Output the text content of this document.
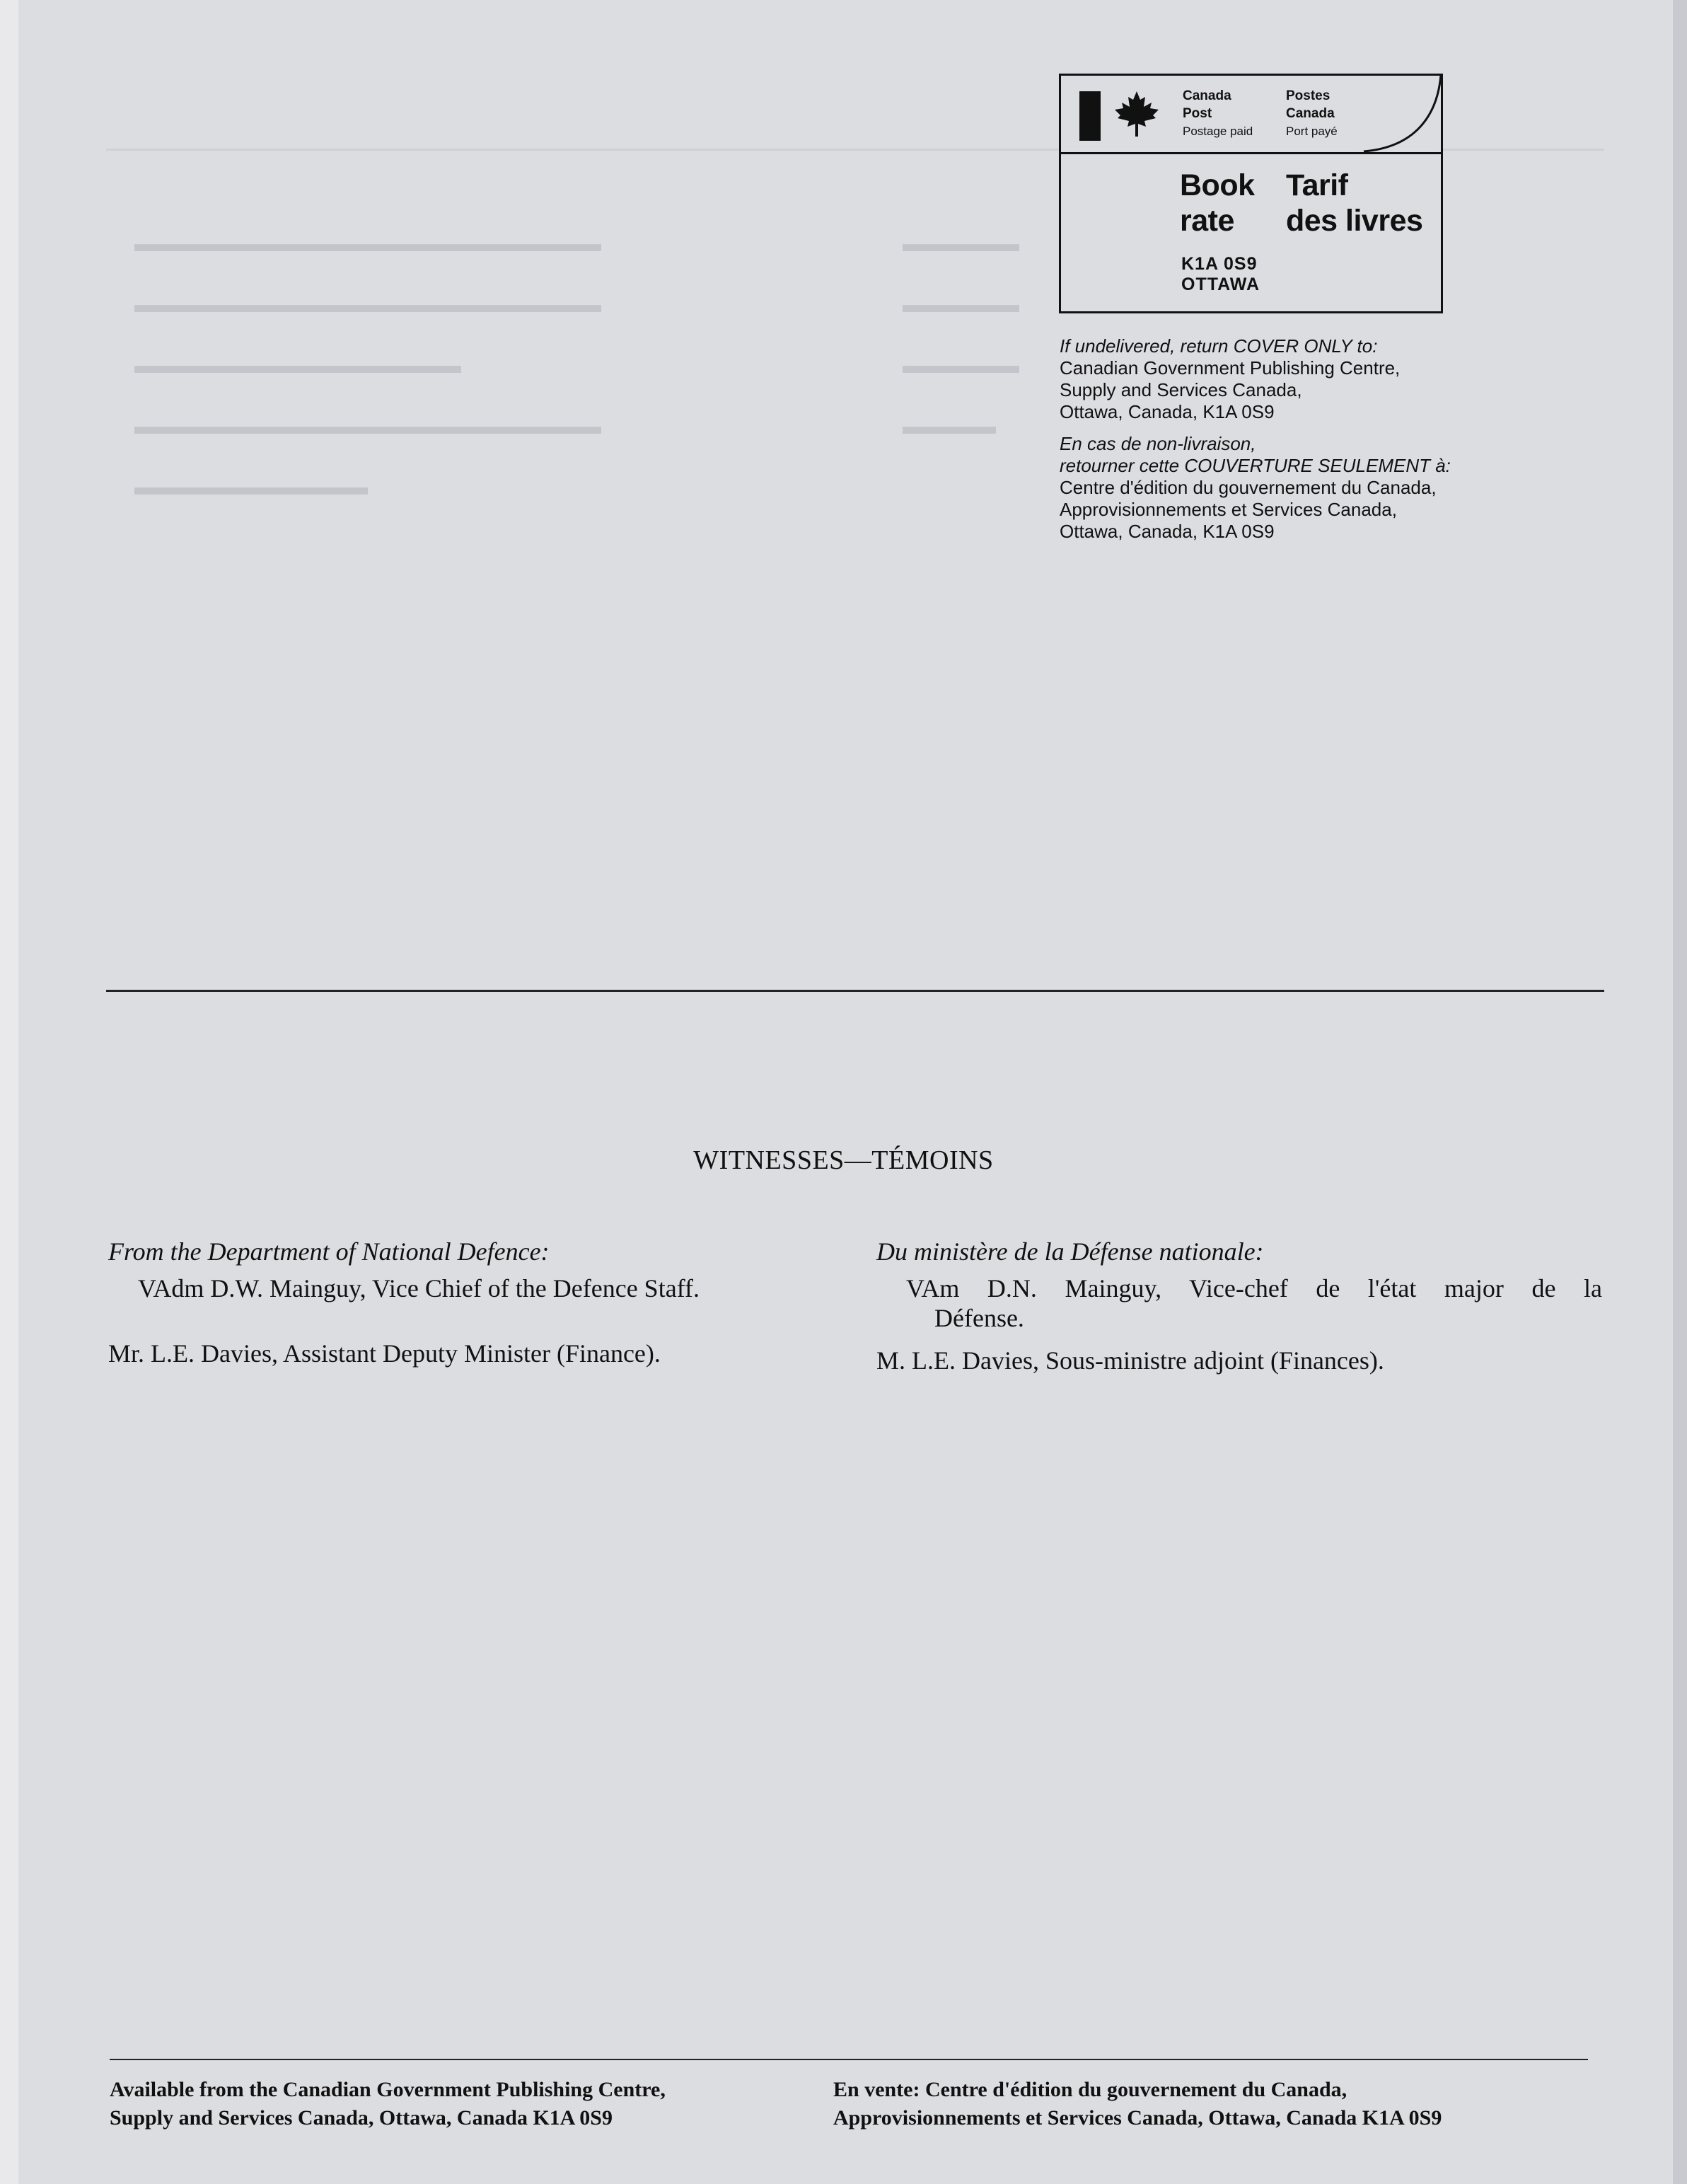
​▬▬▬▬▬▬▬▬▬▬▬▬▬▬▬▬▬▬▬▬

▬▬▬▬▬▬▬▬▬▬▬▬▬▬▬▬▬▬▬▬

▬▬▬▬▬▬▬▬▬▬▬▬▬▬

▬▬▬▬▬▬▬▬▬▬▬▬▬▬▬▬▬▬▬▬

▬▬▬▬▬▬▬▬▬▬

▬▬▬▬▬

▬▬▬▬▬

▬▬▬▬▬

▬▬▬▬

Canada
Post
Postage paid
Postes
Canada
Port payé
Book
rate
Tarif
des livres
K1A 0S9
OTTAWA
If undelivered, return COVER ONLY to:
Canadian Government Publishing Centre,
Supply and Services Canada,
Ottawa, Canada, K1A 0S9
En cas de non-livraison,
retourner cette COUVERTURE SEULEMENT à:
Centre d'édition du gouvernement du Canada,
Approvisionnements et Services Canada,
Ottawa, Canada, K1A 0S9
WITNESSES—TÉMOINS
From the Department of National Defence:
VAdm D.W. Mainguy, Vice Chief of the Defence Staff.
Mr. L.E. Davies, Assistant Deputy Minister (Finance).
Du ministère de la Défense nationale:
VAm D.N. Mainguy, Vice-chef de l'état major de la
Défense.
M. L.E. Davies, Sous-ministre adjoint (Finances).
Available from the Canadian Government Publishing Centre,
Supply and Services Canada, Ottawa, Canada K1A 0S9
En vente: Centre d'édition du gouvernement du Canada,
Approvisionnements et Services Canada, Ottawa, Canada K1A 0S9
